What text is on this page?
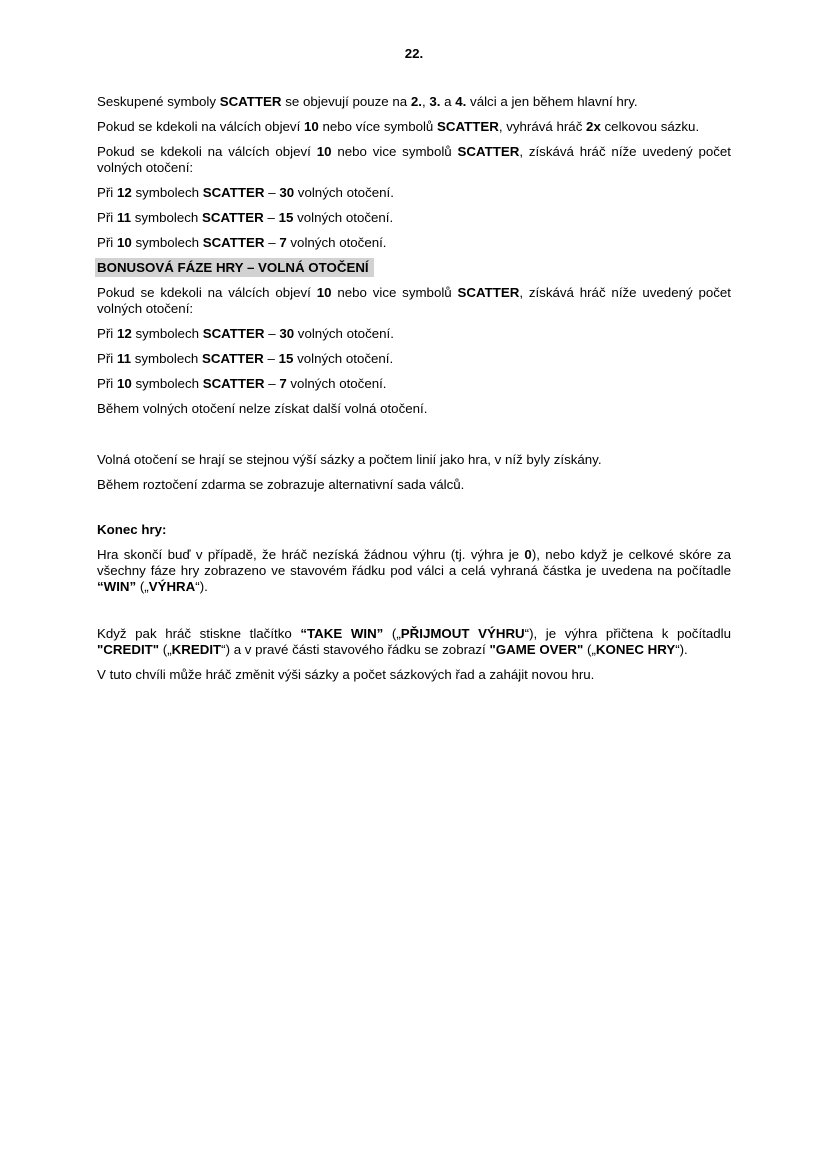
22.

Seskupené symboly SCATTER se objevují pouze na 2., 3. a 4. válci a jen během hlavní hry.

Pokud se kdekoli na válcích objeví 10 nebo více symbolů SCATTER, vyhrává hráč 2x celkovou sázku.

Pokud se kdekoli na válcích objeví 10 nebo vice symbolů SCATTER, získává hráč níže uvedený počet volných otočení:

Při 12 symbolech SCATTER – 30 volných otočení.

Při 11 symbolech SCATTER – 15 volných otočení.

Při 10 symbolech SCATTER – 7 volných otočení.

BONUSOVÁ FÁZE HRY – VOLNÁ OTOČENÍ

Pokud se kdekoli na válcích objeví 10 nebo vice symbolů SCATTER, získává hráč níže uvedený počet volných otočení:

Při 12 symbolech SCATTER – 30 volných otočení.

Při 11 symbolech SCATTER – 15 volných otočení.

Při 10 symbolech SCATTER – 7 volných otočení.

Během volných otočení nelze získat další volná otočení.

Volná otočení se hrají se stejnou výší sázky a počtem linií jako hra, v níž byly získány.

Během roztočení zdarma se zobrazuje alternativní sada válců.

Konec hry:

Hra skončí buď v případě, že hráč nezíská žádnou výhru (tj. výhra je 0), nebo když je celkové skóre za všechny fáze hry zobrazeno ve stavovém řádku pod válci a celá vyhraná částka je uvedena na počítadle “WIN” („VÝHRA“).

Když pak hráč stiskne tlačítko “TAKE WIN” („PŘIJMOUT VÝHRU“), je výhra přičtena k počítadlu "CREDIT" („KREDIT“) a v pravé části stavového řádku se zobrazí "GAME OVER" („KONEC HRY“).

V tuto chvíli může hráč změnit výši sázky a počet sázkových řad a zahájit novou hru.
